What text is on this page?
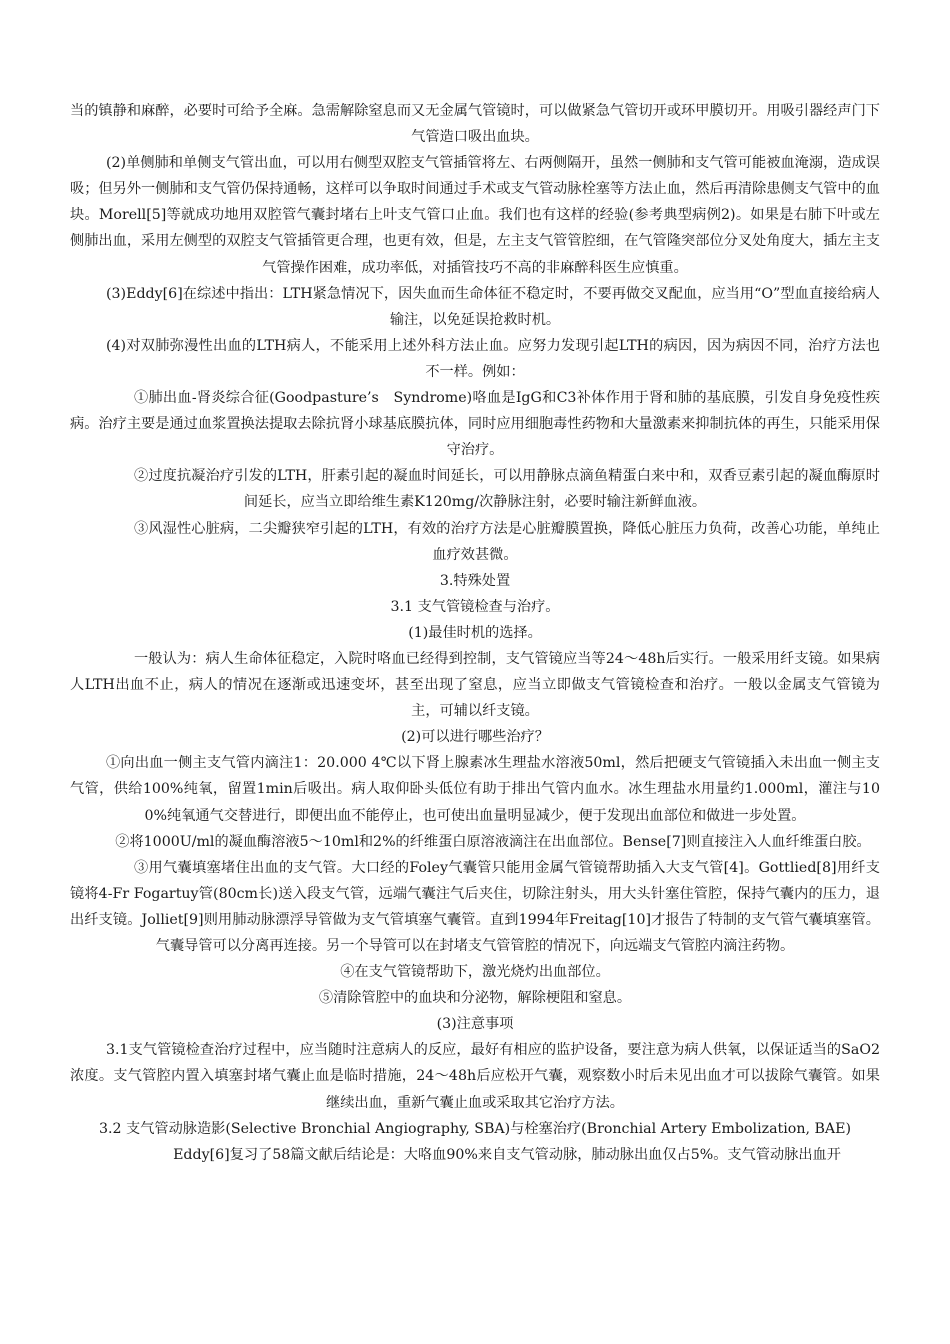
当的镇静和麻醉，必要时可给予全麻。急需解除窒息而又无金属气管镜时，可以做紧急气管切开或环甲膜切开。用吸引器经声门下气管造口吸出血块。

(2)单侧肺和单侧支气管出血，可以用右侧型双腔支气管插管将左、右两侧隔开，虽然一侧肺和支气管可能被血淹溺，造成误吸；但另外一侧肺和支气管仍保持通畅，这样可以争取时间通过手术或支气管动脉栓塞等方法止血，然后再清除患侧支气管中的血块。Morell[5]等就成功地用双腔管气囊封堵右上叶支气管口止血。我们也有这样的经验(参考典型病例2)。如果是右肺下叶或左侧肺出血，采用左侧型的双腔支气管插管更合理，也更有效，但是，左主支气管管腔细，在气管隆突部位分叉处角度大，插左主支气管操作困难，成功率低，对插管技巧不高的非麻醉科医生应慎重。

(3)Eddy[6]在综述中指出：LTH紧急情况下，因失血而生命体征不稳定时，不要再做交叉配血，应当用“O”型血直接给病人输注，以免延误抢救时机。

(4)对双肺弥漫性出血的LTH病人，不能采用上述外科方法止血。应努力发现引起LTH的病因，因为病因不同，治疗方法也不一样。例如：

①肺出血-肾炎综合征(Goodpasture’s　Syndrome)咯血是IgG和C3补体作用于肾和肺的基底膜，引发自身免疫性疾病。治疗主要是通过血浆置换法提取去除抗肾小球基底膜抗体，同时应用细胞毒性药物和大量激素来抑制抗体的再生，只能采用保守治疗。

②过度抗凝治疗引发的LTH，肝素引起的凝血时间延长，可以用静脉点滴鱼精蛋白来中和，双香豆素引起的凝血酶原时间延长，应当立即给维生素K120mg/次静脉注射，必要时输注新鲜血液。

③风湿性心脏病，二尖瓣狭窄引起的LTH，有效的治疗方法是心脏瓣膜置换，降低心脏压力负荷，改善心功能，单纯止血疗效甚微。

3.特殊处置

3.1 支气管镜检查与治疗。

(1)最佳时机的选择。

一般认为：病人生命体征稳定，入院时咯血已经得到控制，支气管镜应当等24～48h后实行。一般采用纤支镜。如果病人LTH出血不止，病人的情况在逐渐或迅速变坏，甚至出现了窒息，应当立即做支气管镜检查和治疗。一般以金属支气管镜为主，可辅以纤支镜。

(2)可以进行哪些治疗？

①向出血一侧主支气管内滴注1：20.000 4℃以下肾上腺素冰生理盐水溶液50ml，然后把硬支气管镜插入未出血一侧主支气管，供给100%纯氧，留置1min后吸出。病人取仰卧头低位有助于排出气管内血水。冰生理盐水用量约1.000ml，灌注与100%纯氧通气交替进行，即便出血不能停止，也可使出血量明显减少，便于发现出血部位和做进一步处置。

②将1000U/ml的凝血酶溶液5～10ml和2%的纤维蛋白原溶液滴注在出血部位。Bense[7]则直接注入人血纤维蛋白胶。

③用气囊填塞堵住出血的支气管。大口经的Foley气囊管只能用金属气管镜帮助插入大支气管[4]。Gottlied[8]用纤支镜将4-Fr Fogartuy管(80cm长)送入段支气管，远端气囊注气后夹住，切除注射头，用大头针塞住管腔，保持气囊内的压力，退出纤支镜。Jolliet[9]则用肺动脉漂浮导管做为支气管填塞气囊管。直到1994年Freitag[10]才报告了特制的支气管气囊填塞管。气囊导管可以分离再连接。另一个导管可以在封堵支气管管腔的情况下，向远端支气管腔内滴注药物。

④在支气管镜帮助下，激光烧灼出血部位。

⑤清除管腔中的血块和分泌物，解除梗阻和窒息。

(3)注意事项

3.1支气管镜检查治疗过程中，应当随时注意病人的反应，最好有相应的监护设备，要注意为病人供氧，以保证适当的SaO2浓度。支气管腔内置入填塞封堵气囊止血是临时措施，24～48h后应松开气囊，观察数小时后未见出血才可以拔除气囊管。如果继续出血，重新气囊止血或采取其它治疗方法。

3.2 支气管动脉造影(Selective Bronchial Angiography, SBA)与栓塞治疗(Bronchial Artery Embolization, BAE)

Eddy[6]复习了58篇文献后结论是：大咯血90%来自支气管动脉，肺动脉出血仅占5%。支气管动脉出血开
